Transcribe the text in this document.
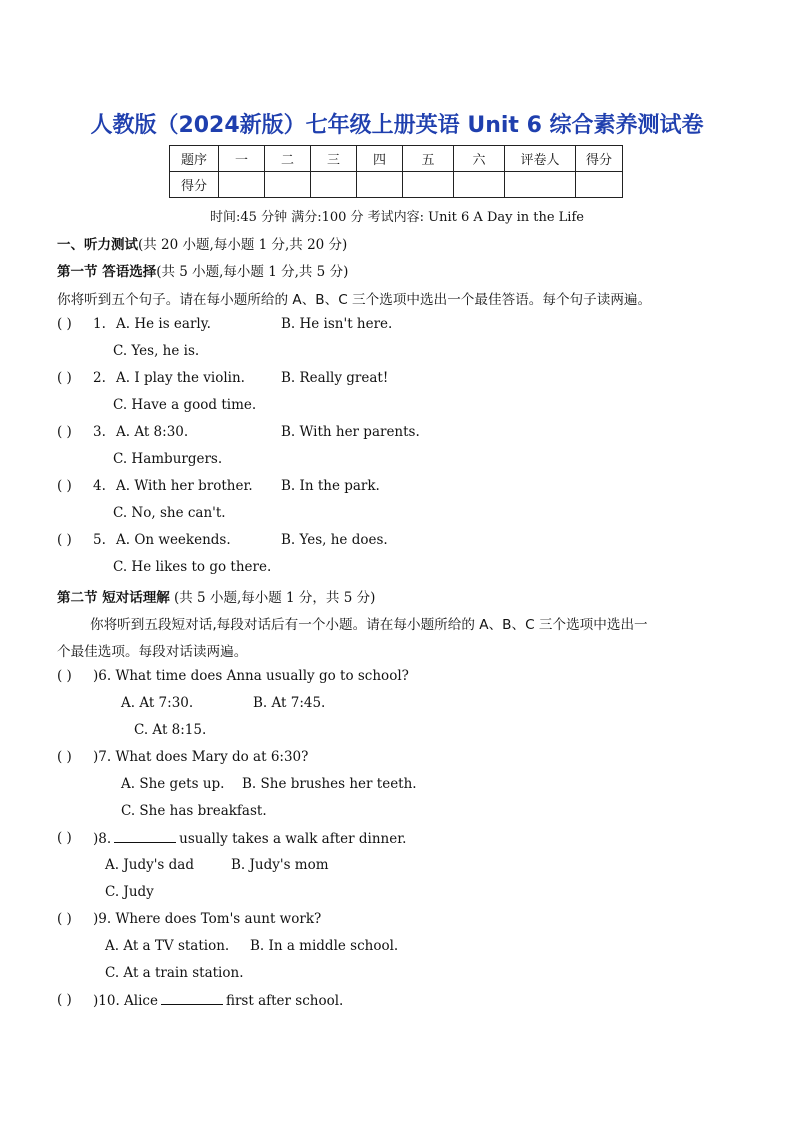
人教版（2024新版）七年级上册英语 Unit 6 综合素养测试卷
题序	一	二	三	四	五	六	评卷人	得分
得分								
时间:45 分钟 满分:100 分 考试内容: Unit 6 A Day in the Life
一、听力测试(共 20 小题,每小题 1 分,共 20 分)
第一节 答语选择(共 5 小题,每小题 1 分,共 5 分)
你将听到五个句子。请在每小题所给的 A、B、C 三个选项中选出一个最佳答语。每个句子读两遍。
( ) 1. A. He is early.	B. He isn't here.
C. Yes, he is.
( ) 2. A. I play the violin.	B. Really great!
C. Have a good time.
( ) 3. A. At 8:30.	B. With her parents.
C. Hamburgers.
( ) 4. A. With her brother. B. In the park.
C. No, she can't.
( ) 5. A. On weekends.	B. Yes, he does.
C. He likes to go there.
第二节 短对话理解 (共 5 小题,每小题 1 分，共 5 分)
你将听到五段短对话,每段对话后有一个小题。请在每小题所给的 A、B、C 三个选项中选出一
个最佳选项。每段对话读两遍。
( ) )6. What time does Anna usually go to school?
A. At 7:30.	B. At 7:45.
C. At 8:15.
( ) )7. What does Mary do at 6:30?
A. She gets up. B. She brushes her teeth.
C. She has breakfast.
( ) )8.	usually takes a walk after dinner.
A. Judy's dad	B. Judy's mom
C. Judy
( ) )9. Where does Tom's aunt work?
A. At a TV station. B. In a middle school.
C. At a train station.
( ) )10. Alice	first after school.
